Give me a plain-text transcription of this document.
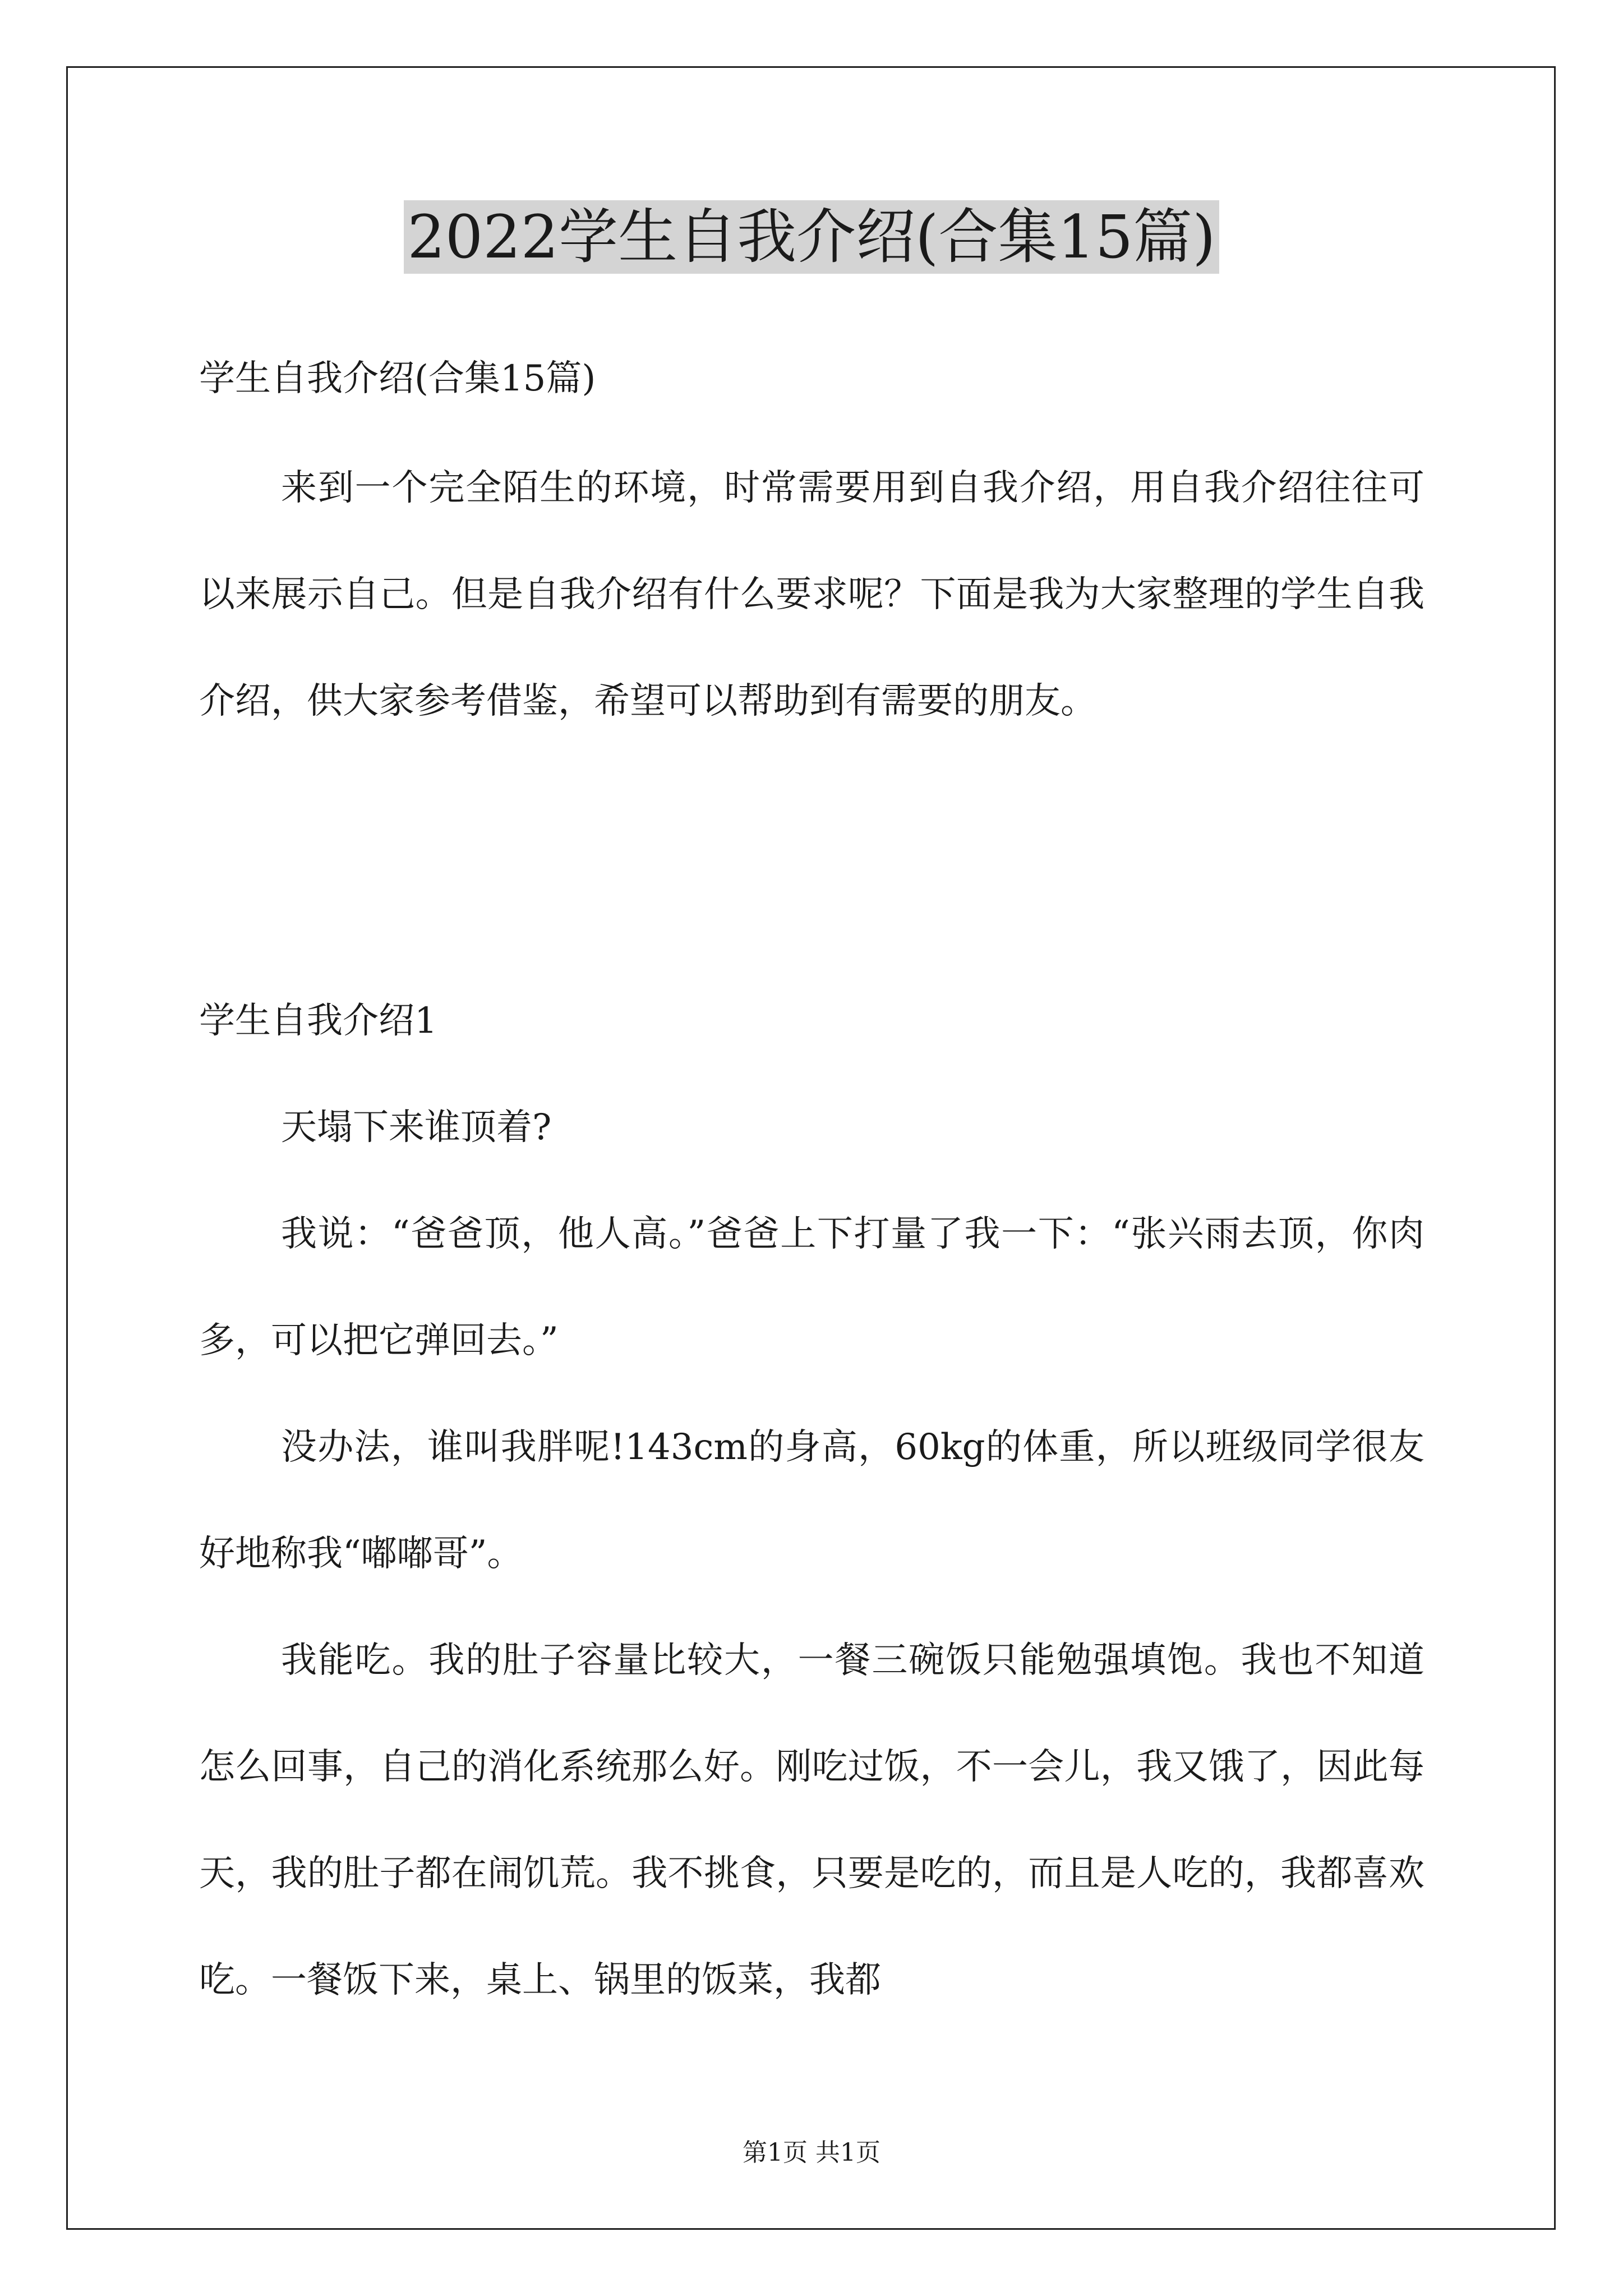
2022学生自我介绍(合集15篇)

学生自我介绍(合集15篇)

来到一个完全陌生的环境，时常需要用到自我介绍，用自我介绍往往可以来展示自己。但是自我介绍有什么要求呢？下面是我为大家整理的学生自我介绍，供大家参考借鉴，希望可以帮助到有需要的朋友。

学生自我介绍1

天塌下来谁顶着?

我说：“爸爸顶，他人高。”爸爸上下打量了我一下：“张兴雨去顶，你肉多，可以把它弹回去。”

没办法，谁叫我胖呢!143cm的身高，60kg的体重，所以班级同学很友好地称我“嘟嘟哥”。

我能吃。我的肚子容量比较大，一餐三碗饭只能勉强填饱。我也不知道怎么回事，自己的消化系统那么好。刚吃过饭，不一会儿，我又饿了，因此每天，我的肚子都在闹饥荒。我不挑食，只要是吃的，而且是人吃的，我都喜欢吃。一餐饭下来，桌上、锅里的饭菜，我都

第1页 共1页
